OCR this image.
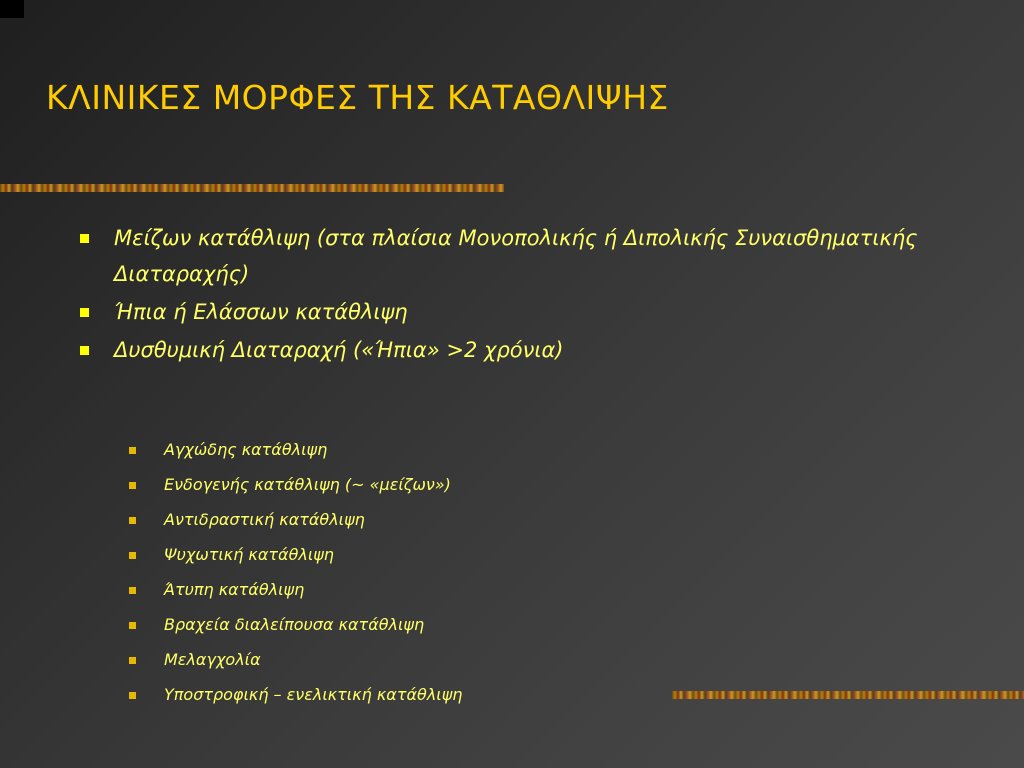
ΚΛΙΝΙΚΕΣ ΜΟΡΦΕΣ ΤΗΣ ΚΑΤΑΘΛΙΨΗΣ
Μείζων κατάθλιψη (στα πλαίσια Μονοπολικής ή Διπολικής Συναισθηματικής Διαταραχής)
Ήπια ή Ελάσσων κατάθλιψη
Δυσθυμική Διαταραχή («Ήπια» >2 χρόνια)
Αγχώδης κατάθλιψη
Ενδογενής κατάθλιψη (~ «μείζων»)
Αντιδραστική κατάθλιψη
Ψυχωτική κατάθλιψη
Άτυπη κατάθλιψη
Βραχεία διαλείπουσα κατάθλιψη
Μελαγχολία
Υποστροφική – ενελικτική κατάθλιψη
